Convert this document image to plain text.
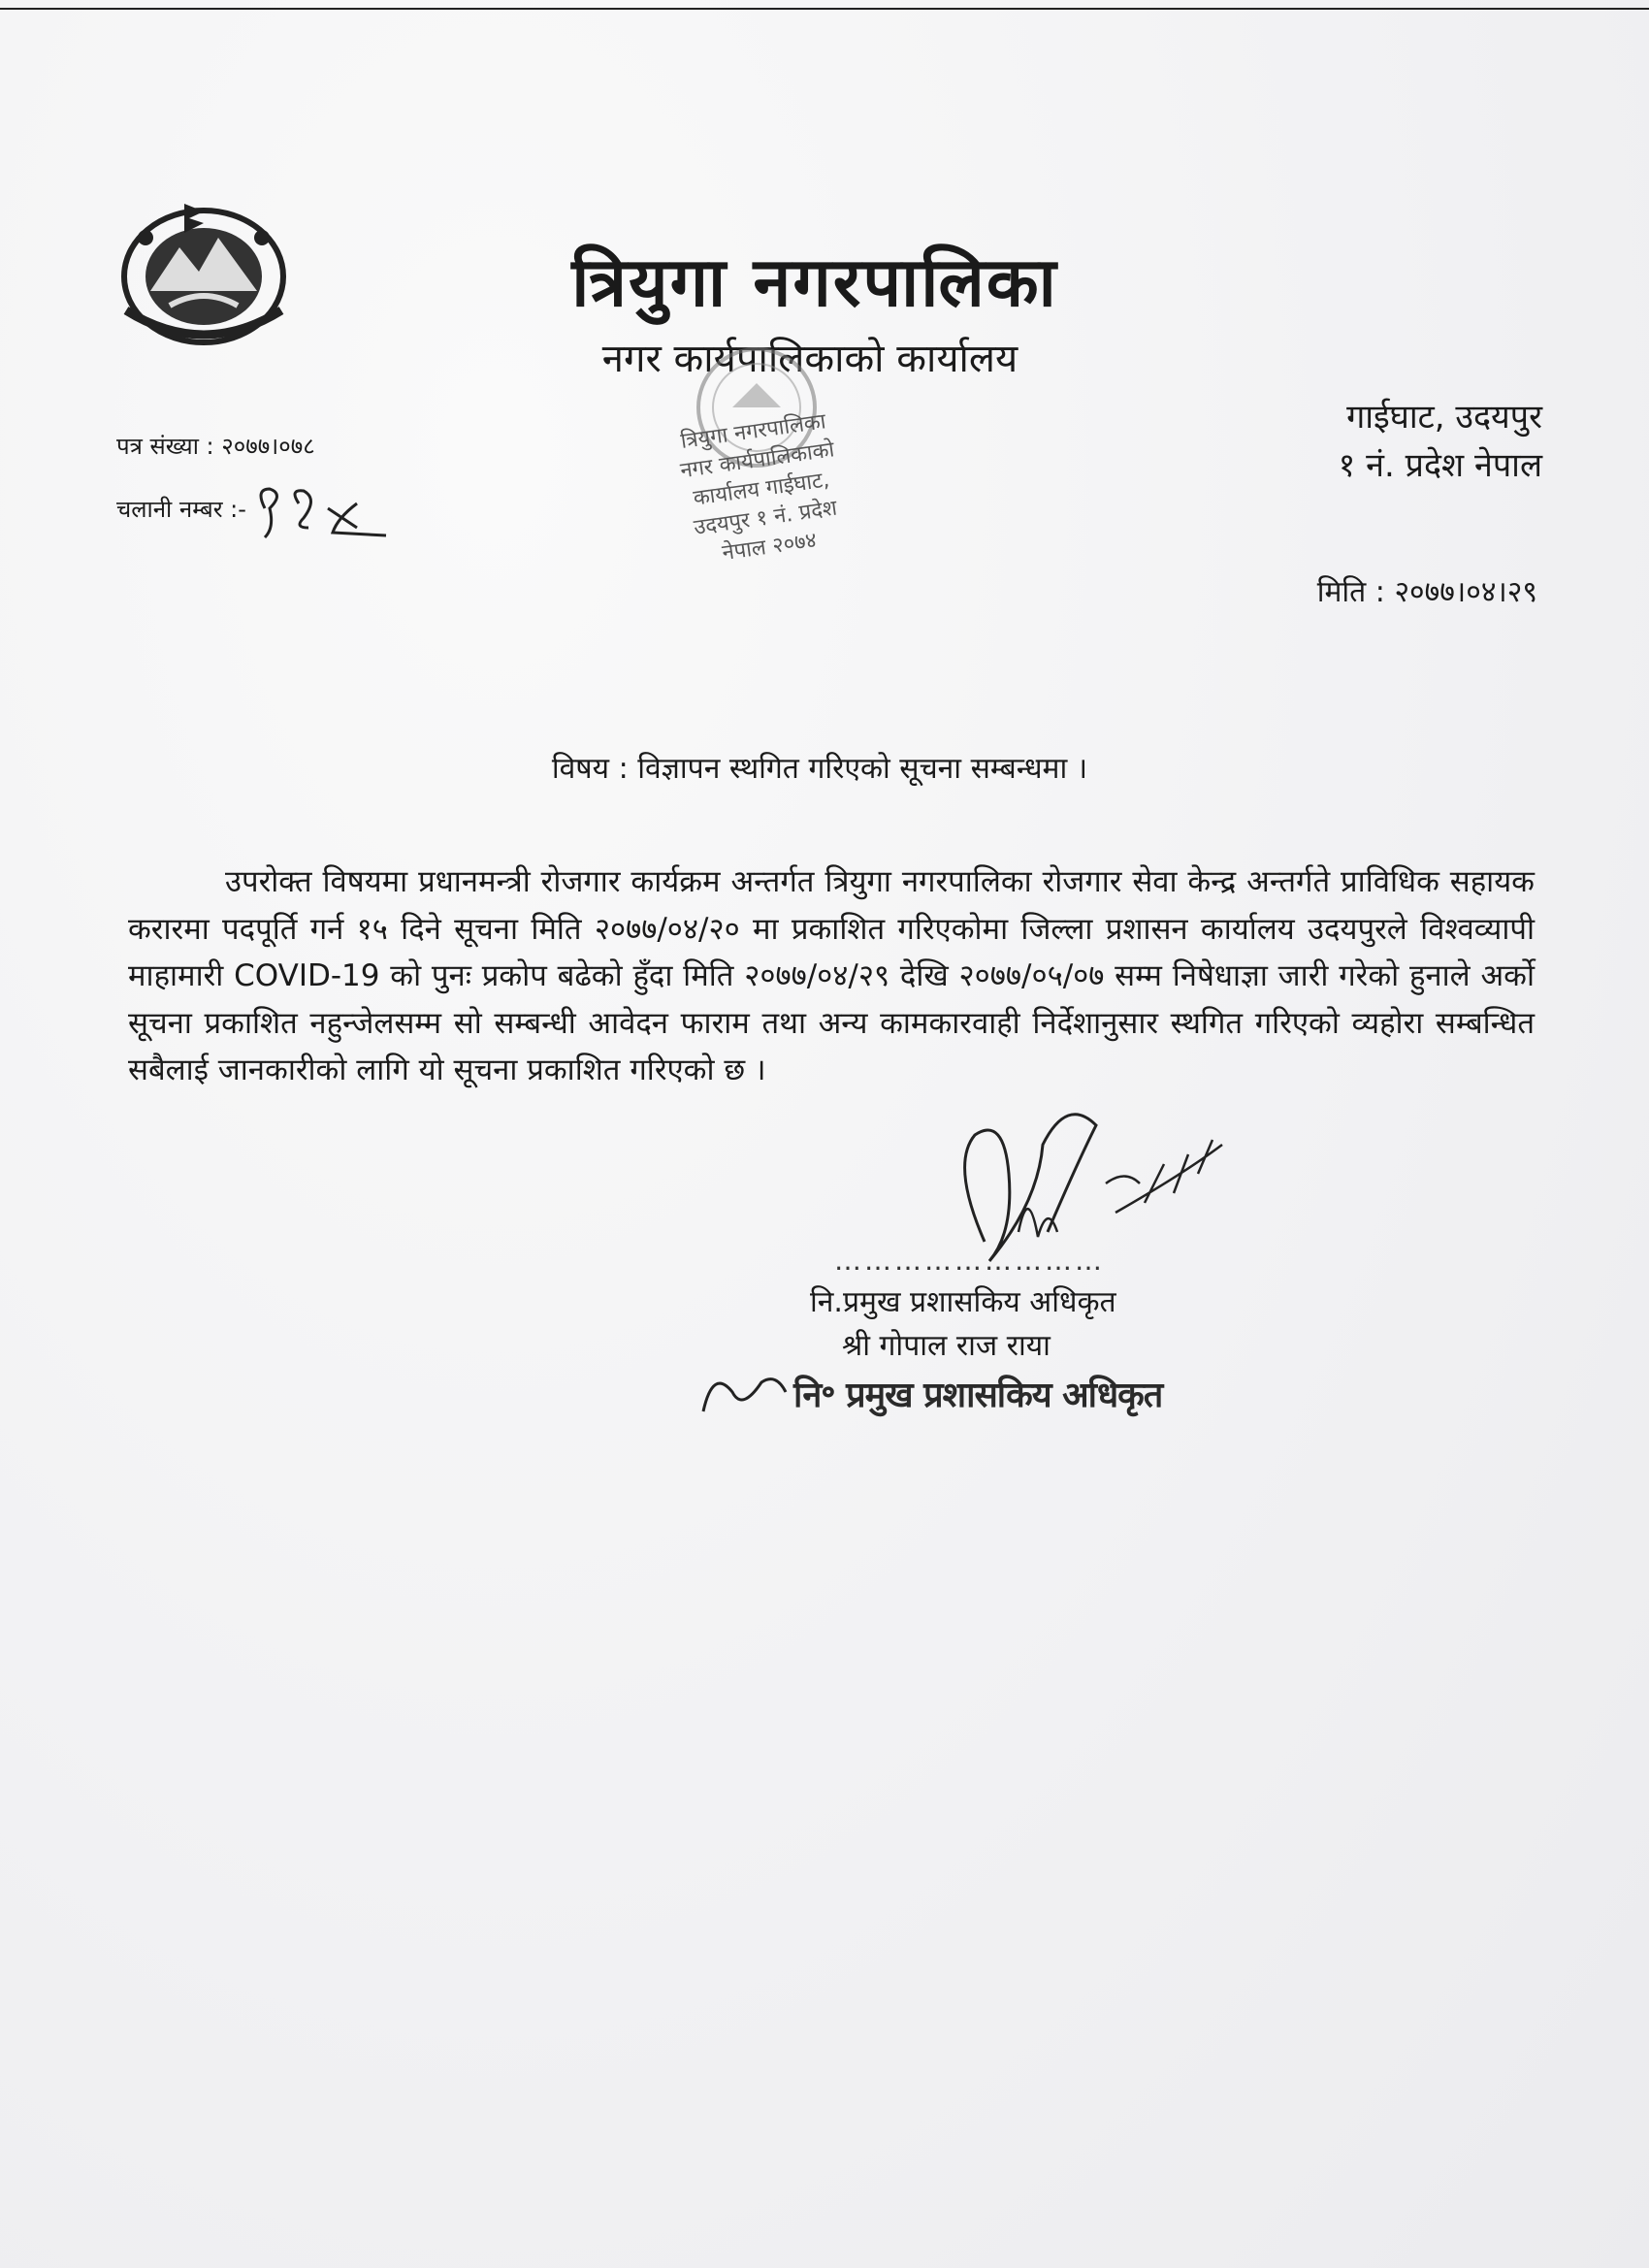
त्रियुगा नगरपालिका
नगर कार्यपालिकाको कार्यालय
त्रियुगा नगरपालिका नगर कार्यपालिकाको कार्यालय गाईघाट, उदयपुर १ नं. प्रदेश नेपाल २०७४
गाईघाट, उदयपुर
१ नं. प्रदेश नेपाल
पत्र संख्या : २०७७।०७८
चलानी नम्बर :-
मिति : २०७७।०४।२९
विषय : विज्ञापन स्थगित गरिएको सूचना सम्बन्धमा ।

उपरोक्त विषयमा प्रधानमन्त्री रोजगार कार्यक्रम अन्तर्गत त्रियुगा नगरपालिका रोजगार सेवा केन्द्र अन्तर्गते प्राविधिक सहायक करारमा पदपूर्ति गर्न १५ दिने सूचना मिति २०७७/०४/२० मा प्रकाशित गरिएकोमा जिल्ला प्रशासन कार्यालय उदयपुरले विश्वव्यापी माहामारी COVID-19 को पुनः प्रकोप बढेको हुँदा मिति २०७७/०४/२९ देखि २०७७/०५/०७ सम्म निषेधाज्ञा जारी गरेको हुनाले अर्को सूचना प्रकाशित नहुन्जेलसम्म सो सम्बन्धी आवेदन फाराम तथा अन्य कामकारवाही निर्देशानुसार स्थगित गरिएको व्यहोरा सम्बन्धित सबैलाई जानकारीको लागि यो सूचना प्रकाशित गरिएको छ ।

………………………
नि.प्रमुख प्रशासकिय अधिकृत
श्री गोपाल राज राया
नि॰ प्रमुख प्रशासकिय अधिकृत
